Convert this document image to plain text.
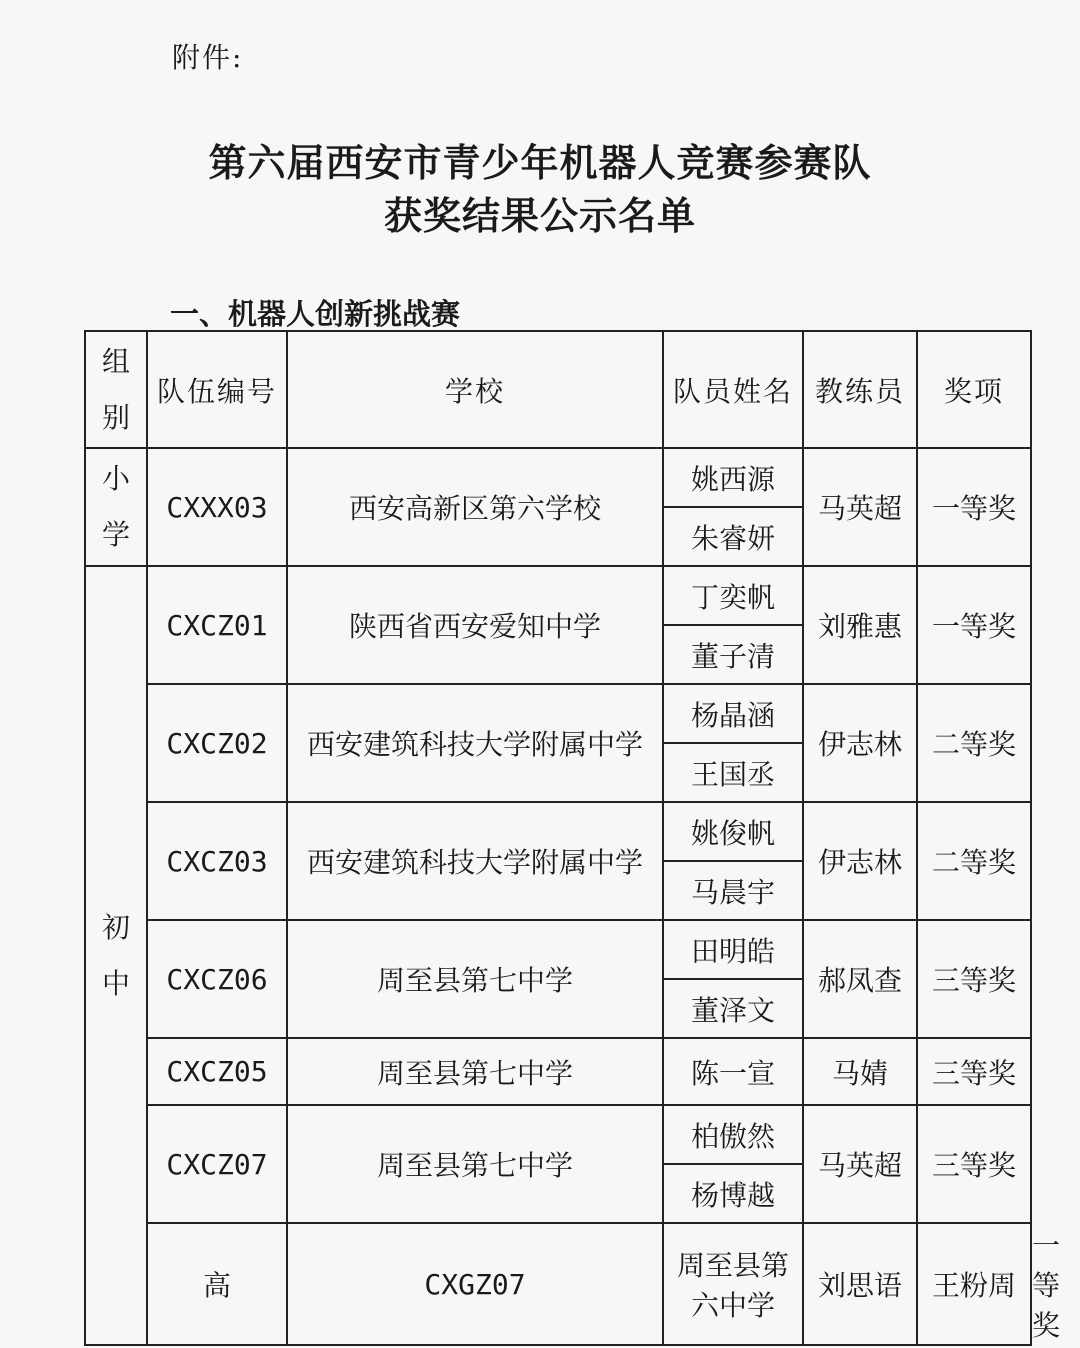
附件:
第六届西安市青少年机器人竞赛参赛队
获奖结果公示名单
一、机器人创新挑战赛
组别	队伍编号	学校	队员姓名	教练员	奖项	
小学	CXXX03	西安高新区第六学校	姚西源	马英超	一等奖	
			朱睿妍			
初中	CXCZ01	陕西省西安爱知中学	丁奕帆	刘雅惠	一等奖	
			董子清			
	CXCZ02	西安建筑科技大学附属中学	杨晶涵	伊志林	二等奖	
			王国丞			
	CXCZ03	西安建筑科技大学附属中学	姚俊帆	伊志林	二等奖	
			马晨宇			
	CXCZ06	周至县第七中学	田明皓	郝凤查	三等奖	
			董泽文			
	CXCZ05	周至县第七中学	陈一宣	马婧	三等奖	
	CXCZ07	周至县第七中学	柏傲然	马英超	三等奖	
			杨博越			
	高	CXGZ07	周至县第六中学	刘思语	王粉周	一等奖
